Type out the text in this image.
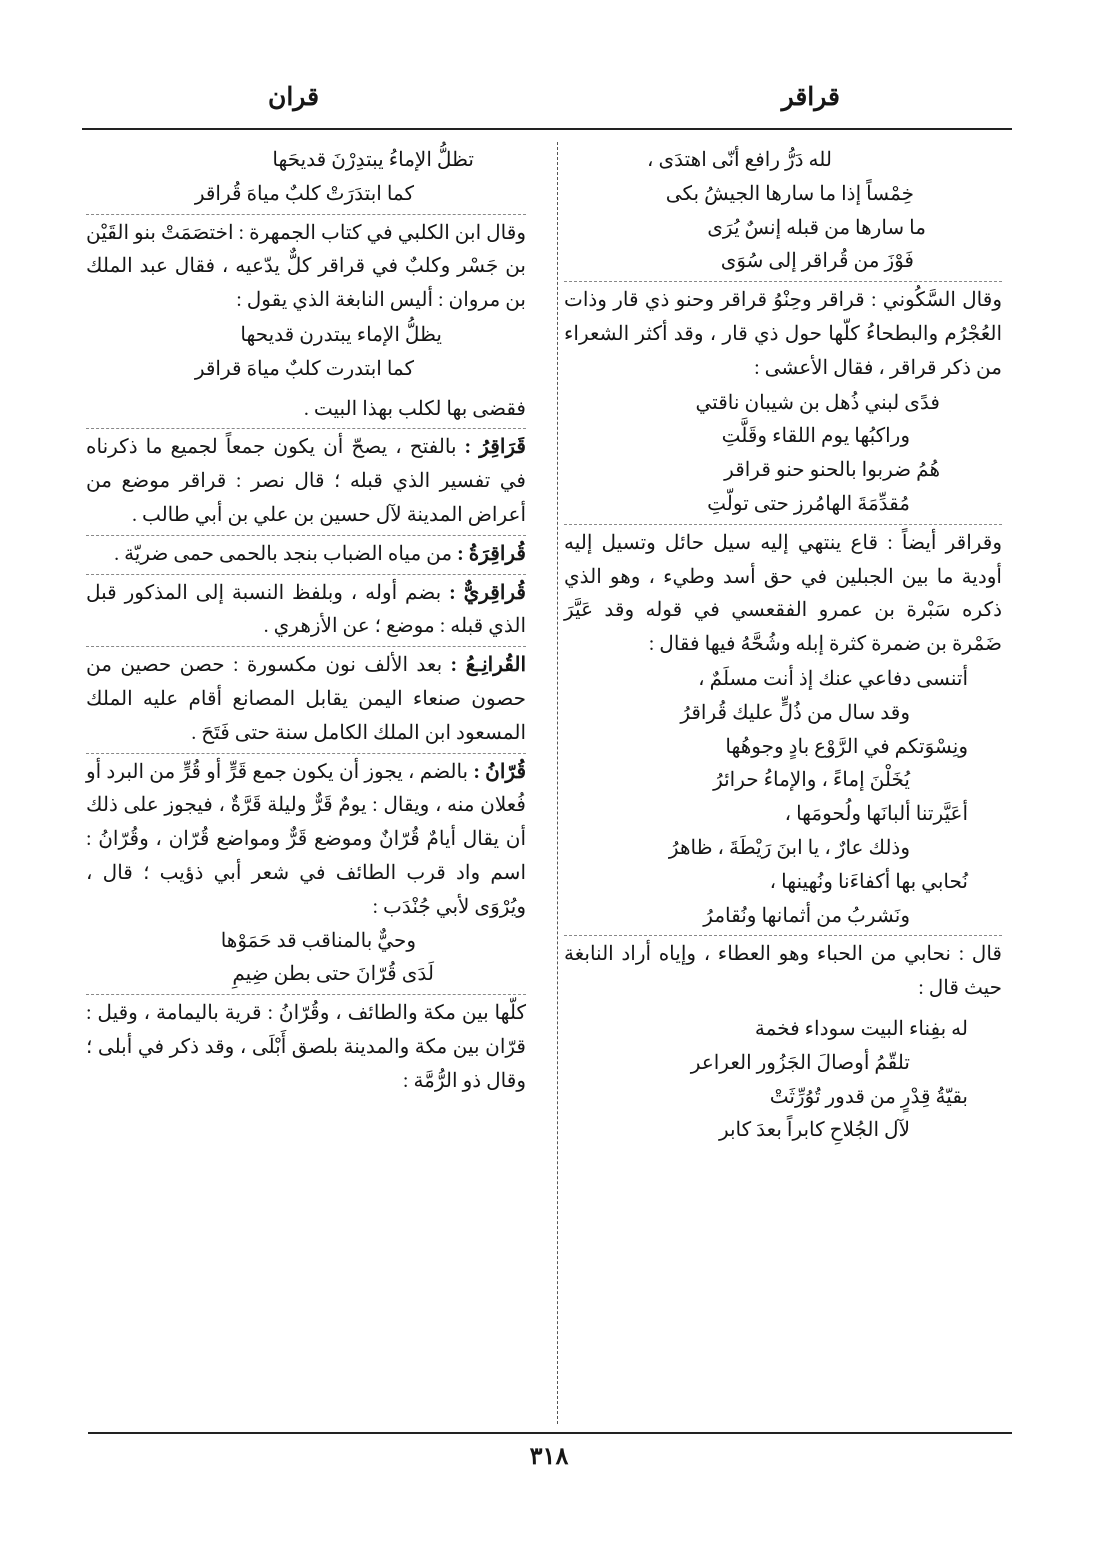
قراقر
قران
لله دَرُّ رافع أنّى اهتدَى ،
خِمْساً إذا ما سارها الجيشُ بكى
ما سارها من قبله إنسٌ يُرَى
فَوْزَ من قُراقر إلى سُوَى

وقال السَّكُوني : قراقر وحِنْوُ قراقر وحنو ذي قار وذات العُجْرُم والبطحاءُ كلّها حول ذي قار ، وقد أكثر الشعراء من ذكر قراقر ، فقال الأعشى :

فدًى لبني ذُهل بن شيبان ناقتي
وراكبُها يوم اللقاء وقَلَّتِ
هُمُ ضربوا بالحنو حنو قراقر
مُقدِّمَةَ الهامُرز حتى تولّتِ

وقراقر أيضاً : قاع ينتهي إليه سيل حائل وتسيل إليه أودية ما بين الجبلين في حق أسد وطيء ، وهو الذي ذكره سَبْرة بن عمرو الفقعسي في قوله وقد عَيَّرَ ضَمْرة بن ضمرة كثرة إبله وشُحَّهُ فيها فقال :

أتنسى دفاعي عنك إذ أنت مسلَمٌ ،
وقد سال من ذُلٍّ عليك قُراقرُ
ونِسْوَتكم في الرَّوْع بادٍ وجوهُها
يُخَلْنَ إماءً ، والإماءُ حرائرُ
أعَيَّرتنا ألبانَها ولُحومَها ،
وذلك عارٌ ، يا ابنَ رَيْطَةَ ، ظاهرُ
نُحابي بها أكفاءَنا ونُهينها ،
ونَشربُ من أثمانها ونُقامرُ

قال : نحابي من الحباء وهو العطاء ، وإياه أراد النابغة حيث قال :

له بفِناء البيت سوداء فخمة
تلقّمُ أوصالَ الجَزُور العراعر
بقيّةُ قِدْرٍ من قدور تُوُرِّثَتْ
لآل الجُلاحِ كابراً بعدَ كابر
تظلُّ الإماءُ يبتدِرْنَ قديحَها
كما ابتدَرَتْ كلبٌ مياهَ قُراقر

وقال ابن الكلبي في كتاب الجمهرة : اختصَمَتْ بنو القَيْن بن جَسْر وكلبٌ في قراقر كلٌّ يدّعيه ، فقال عبد الملك بن مروان : أليس النابغة الذي يقول :

يظلُّ الإماء يبتدرن قديحها
كما ابتدرت كلبٌ مياهَ قراقر

فقضى بها لكلب بهذا البيت .

قَرَاقِرُ : بالفتح ، يصحّ أن يكون جمعاً لجميع ما ذكرناه في تفسير الذي قبله ؛ قال نصر : قراقر موضع من أعراض المدينة لآل حسين بن علي بن أبي طالب .

قُراقِرَةُ : من مياه الضباب بنجد بالحمى حمى ضريّة .

قُراقِريٌّ : بضم أوله ، وبلفظ النسبة إلى المذكور قبل الذي قبله : موضع ؛ عن الأزهري .

القُرانِـعُ : بعد الألف نون مكسورة : حصن حصين من حصون صنعاء اليمن يقابل المصانع أقام عليه الملك المسعود ابن الملك الكامل سنة حتى فَتَحَ .

قُرّانُ : بالضم ، يجوز أن يكون جمع قَرٍّ أو قُرٍّ من البرد أو فُعلان منه ، ويقال : يومٌ قَرٌّ وليلة قَرَّةٌ ، فيجوز على ذلك أن يقال أيامٌ قُرّانٌ وموضع قَرٌّ ومواضع قُرّان ، وقُرّانُ : اسم واد قرب الطائف في شعر أبي ذؤيب ؛ قال ، ويُرْوَى لأبي جُنْدَب :

وحيٌّ بالمناقب قد حَمَوْها
لَدَى قُرّانَ حتى بطن ضِيمِ

كلّها بين مكة والطائف ، وقُرّانُ : قرية باليمامة ، وقيل : قرّان بين مكة والمدينة بلصق أَبْلَى ، وقد ذكر في أبلى ؛ وقال ذو الرُّمَّة :

٣١٨
